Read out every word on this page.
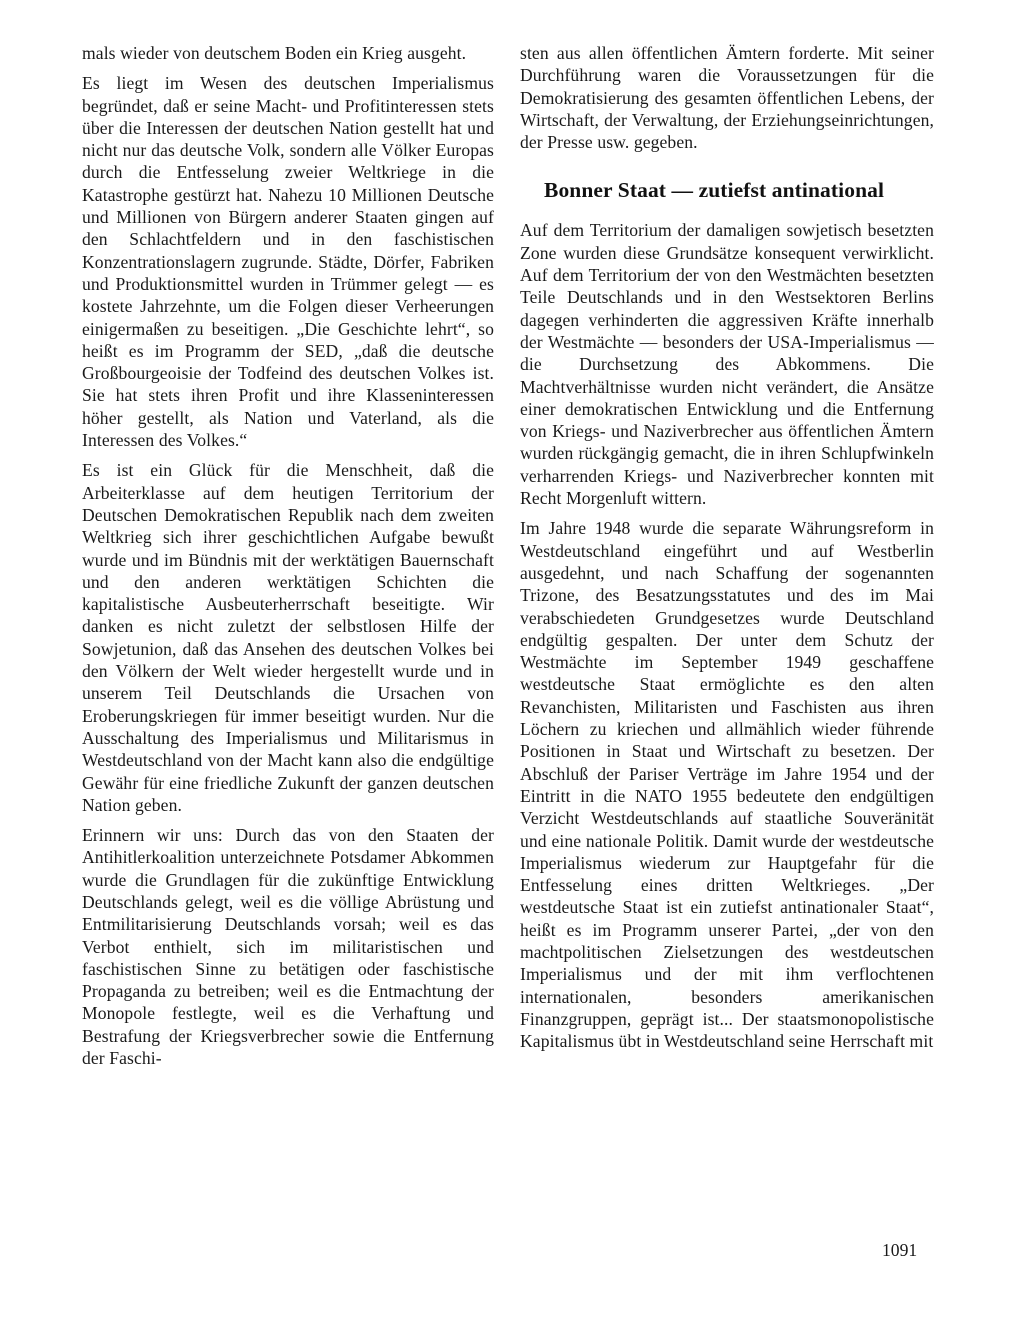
mals wieder von deutschem Boden ein Krieg ausgeht.

Es liegt im Wesen des deutschen Imperialismus begründet, daß er seine Macht- und Profitinteressen stets über die Interessen der deutschen Nation gestellt hat und nicht nur das deutsche Volk, sondern alle Völker Europas durch die Entfesselung zweier Weltkriege in die Katastrophe gestürzt hat. Nahezu 10 Millionen Deutsche und Millionen von Bürgern anderer Staaten gingen auf den Schlachtfeldern und in den faschistischen Konzentrationslagern zugrunde. Städte, Dörfer, Fabriken und Produktionsmittel wurden in Trümmer gelegt — es kostete Jahrzehnte, um die Folgen dieser Verheerungen einigermaßen zu beseitigen. „Die Geschichte lehrt“, so heißt es im Programm der SED, „daß die deutsche Großbourgeoisie der Todfeind des deutschen Volkes ist. Sie hat stets ihren Profit und ihre Klasseninteressen höher gestellt, als Nation und Vaterland, als die Interessen des Volkes.“

Es ist ein Glück für die Menschheit, daß die Arbeiterklasse auf dem heutigen Territorium der Deutschen Demokratischen Republik nach dem zweiten Weltkrieg sich ihrer geschichtlichen Aufgabe bewußt wurde und im Bündnis mit der werktätigen Bauernschaft und den anderen werktätigen Schichten die kapitalistische Ausbeuterherrschaft beseitigte. Wir danken es nicht zuletzt der selbstlosen Hilfe der Sowjetunion, daß das Ansehen des deutschen Volkes bei den Völkern der Welt wieder hergestellt wurde und in unserem Teil Deutschlands die Ursachen von Eroberungskriegen für immer beseitigt wurden. Nur die Ausschaltung des Imperialismus und Militarismus in Westdeutschland von der Macht kann also die endgültige Gewähr für eine friedliche Zukunft der ganzen deutschen Nation geben.

Erinnern wir uns: Durch das von den Staaten der Antihitlerkoalition unterzeichnete Potsdamer Abkommen wurde die Grundlagen für die zukünftige Entwicklung Deutschlands gelegt, weil es die völlige Abrüstung und Entmilitarisierung Deutschlands vorsah; weil es das Verbot enthielt, sich im militaristischen und faschistischen Sinne zu betätigen oder faschistische Propaganda zu betreiben; weil es die Entmachtung der Monopole festlegte, weil es die Verhaftung und Bestrafung der Kriegsverbrecher sowie die Entfernung der Faschi-

sten aus allen öffentlichen Ämtern forderte. Mit seiner Durchführung waren die Voraussetzungen für die Demokratisierung des gesamten öffentlichen Lebens, der Wirtschaft, der Verwaltung, der Erziehungseinrichtungen, der Presse usw. gegeben.

Bonner Staat — zutiefst antinational

Auf dem Territorium der damaligen sowjetisch besetzten Zone wurden diese Grundsätze konsequent verwirklicht. Auf dem Territorium der von den Westmächten besetzten Teile Deutschlands und in den Westsektoren Berlins dagegen verhinderten die aggressiven Kräfte innerhalb der Westmächte — besonders der USA-Imperialismus — die Durchsetzung des Abkommens. Die Machtverhältnisse wurden nicht verändert, die Ansätze einer demokratischen Entwicklung und die Entfernung von Kriegs- und Naziverbrecher aus öffentlichen Ämtern wurden rückgängig gemacht, die in ihren Schlupfwinkeln verharrenden Kriegs- und Naziverbrecher konnten mit Recht Morgenluft wittern.

Im Jahre 1948 wurde die separate Währungsreform in Westdeutschland eingeführt und auf Westberlin ausgedehnt, und nach Schaffung der sogenannten Trizone, des Besatzungsstatutes und des im Mai verabschiedeten Grundgesetzes wurde Deutschland endgültig gespalten. Der unter dem Schutz der Westmächte im September 1949 geschaffene westdeutsche Staat ermöglichte es den alten Revanchisten, Militaristen und Faschisten aus ihren Löchern zu kriechen und allmählich wieder führende Positionen in Staat und Wirtschaft zu besetzen. Der Abschluß der Pariser Verträge im Jahre 1954 und der Eintritt in die NATO 1955 bedeutete den endgültigen Verzicht Westdeutschlands auf staatliche Souveränität und eine nationale Politik. Damit wurde der westdeutsche Imperialismus wiederum zur Hauptgefahr für die Entfesselung eines dritten Weltkrieges. „Der westdeutsche Staat ist ein zutiefst antinationaler Staat“, heißt es im Programm unserer Partei, „der von den machtpolitischen Zielsetzungen des westdeutschen Imperialismus und der mit ihm verflochtenen internationalen, besonders amerikanischen Finanzgruppen, geprägt ist... Der staatsmonopolistische Kapitalismus übt in Westdeutschland seine Herrschaft mit

1091
